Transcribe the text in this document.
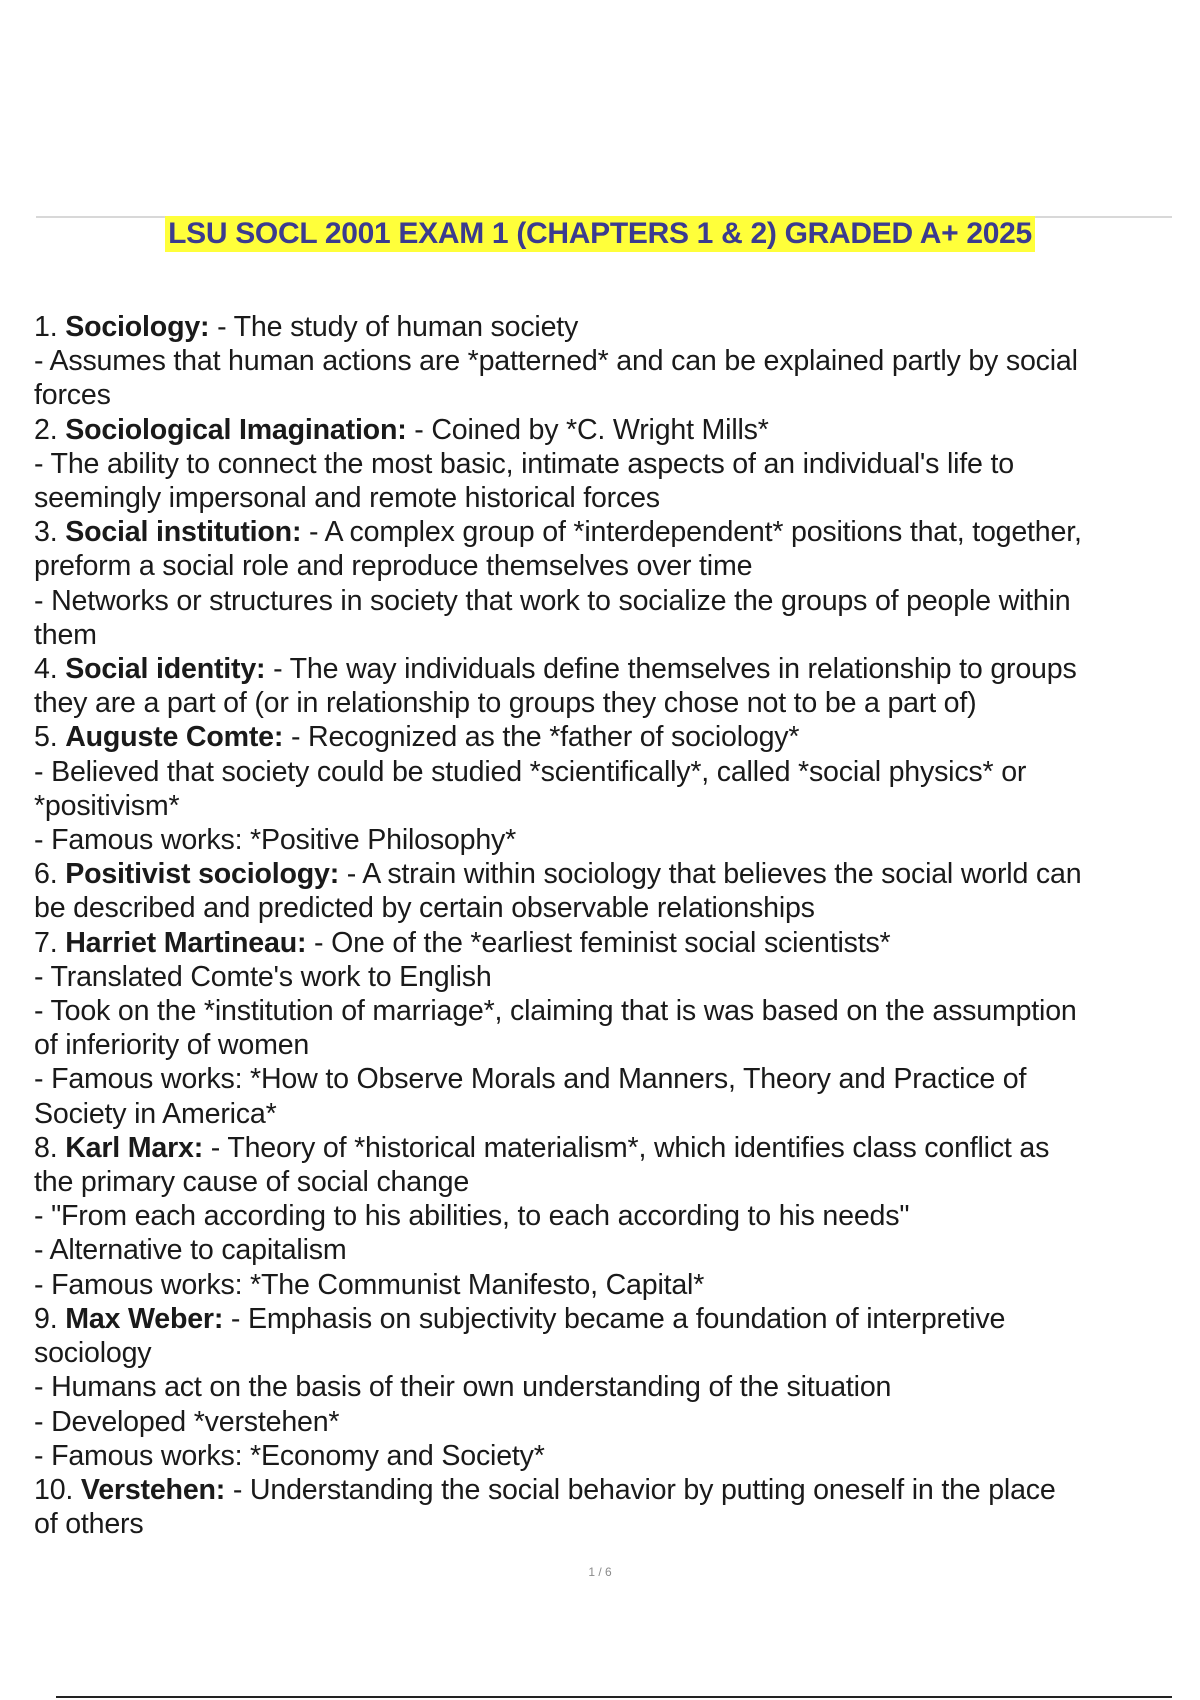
LSU SOCL 2001 EXAM 1 (CHAPTERS 1 & 2) GRADED A+ 2025
1. Sociology: - The study of human society
- Assumes that human actions are *patterned* and can be explained partly by social
forces
2. Sociological Imagination: - Coined by *C. Wright Mills*
- The ability to connect the most basic, intimate aspects of an individual's life to
seemingly impersonal and remote historical forces
3. Social institution: - A complex group of *interdependent* positions that, together,
preform a social role and reproduce themselves over time
- Networks or structures in society that work to socialize the groups of people within
them
4. Social identity: - The way individuals define themselves in relationship to groups
they are a part of (or in relationship to groups they chose not to be a part of)
5. Auguste Comte: - Recognized as the *father of sociology*
- Believed that society could be studied *scientifically*, called *social physics* or
*positivism*
- Famous works: *Positive Philosophy*
6. Positivist sociology: - A strain within sociology that believes the social world can
be described and predicted by certain observable relationships
7. Harriet Martineau: - One of the *earliest feminist social scientists*
- Translated Comte's work to English
- Took on the *institution of marriage*, claiming that is was based on the assumption
of inferiority of women
- Famous works: *How to Observe Morals and Manners, Theory and Practice of
Society in America*
8. Karl Marx: - Theory of *historical materialism*, which identifies class conflict as
the primary cause of social change
- "From each according to his abilities, to each according to his needs"
- Alternative to capitalism
- Famous works: *The Communist Manifesto, Capital*
9. Max Weber: - Emphasis on subjectivity became a foundation of interpretive
sociology
- Humans act on the basis of their own understanding of the situation
- Developed *verstehen*
- Famous works: *Economy and Society*
10. Verstehen: - Understanding the social behavior by putting oneself in the place
of others
1 / 6
